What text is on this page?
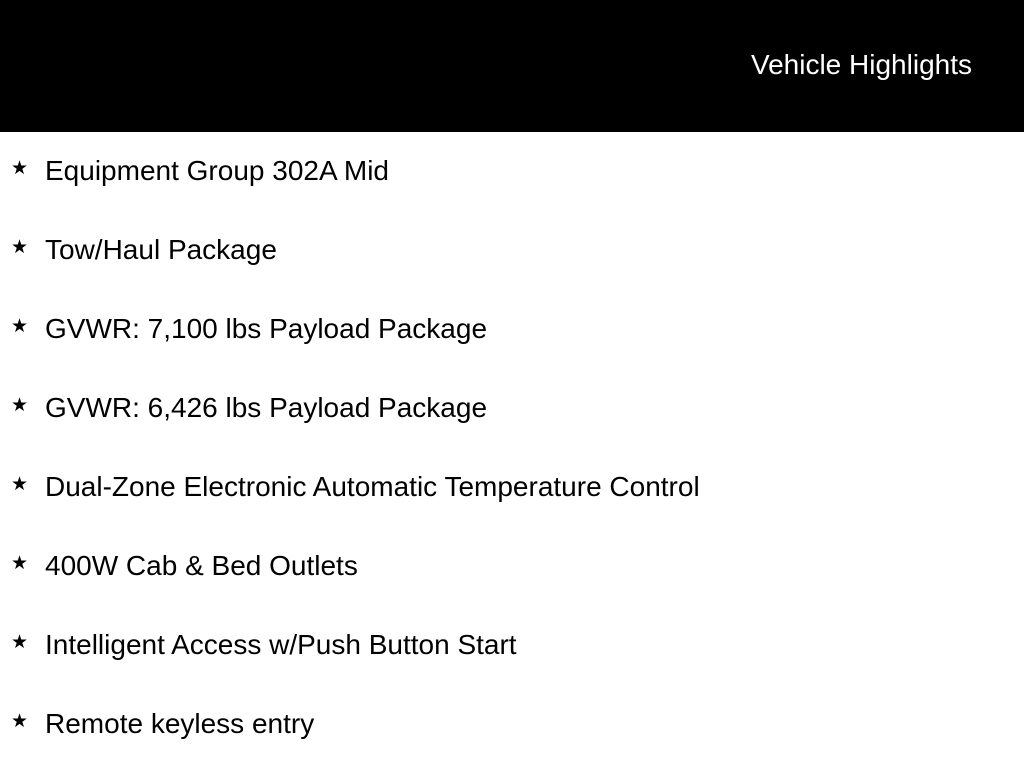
Vehicle Highlights
★ Equipment Group 302A Mid
★ Tow/Haul Package
★ GVWR: 7,100 lbs Payload Package
★ GVWR: 6,426 lbs Payload Package
★ Dual-Zone Electronic Automatic Temperature Control
★ 400W Cab & Bed Outlets
★ Intelligent Access w/Push Button Start
★ Remote keyless entry
